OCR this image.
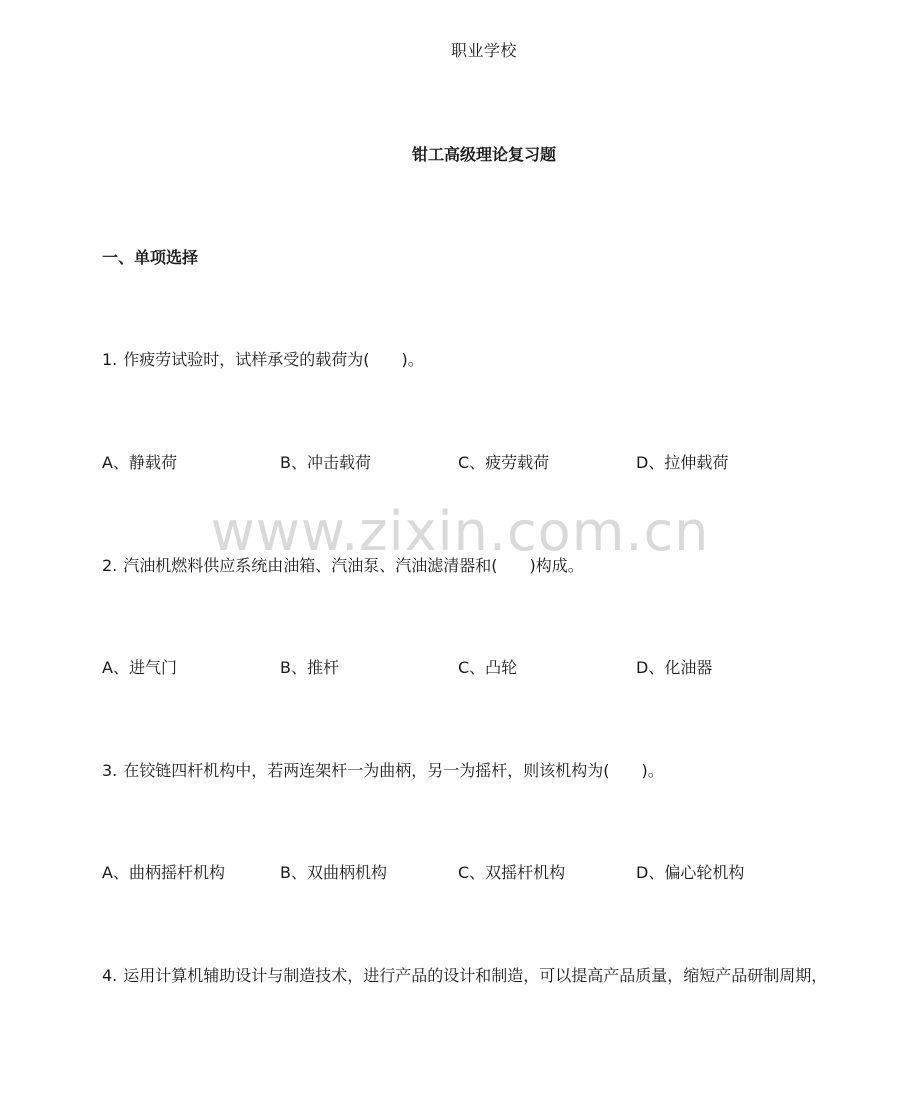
职业学校
钳工高级理论复习题
一、单项选择
1. 作疲劳试验时，试样承受的载荷为(　　)。
A、静载荷	B、冲击载荷	C、疲劳载荷	D、拉伸载荷
2. 汽油机燃料供应系统由油箱、汽油泵、汽油滤清器和(　　)构成。
A、进气门	B、推杆	C、凸轮	D、化油器
3. 在铰链四杆机构中，若两连架杆一为曲柄，另一为摇杆，则该机构为(　　)。
A、曲柄摇杆机构	B、双曲柄机构	C、双摇杆机构	D、偏心轮机构
4. 运用计算机辅助设计与制造技术，进行产品的设计和制造，可以提高产品质量，缩短产品研制周期，
www.zixin.com.cn
